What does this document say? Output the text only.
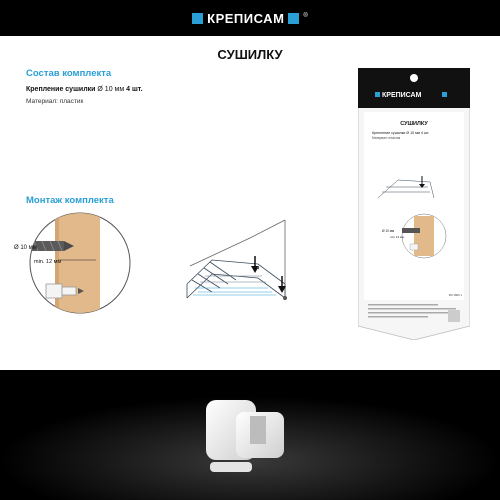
КРЕПИСАМ	®
СУШИЛКУ
Состав комплекта
Крепление сушилки Ø 10 мм 4 шт.
Материал: пластик
Монтаж комплекта
Ø 10 мм
min. 12 мм
КРЕПИСАМ
СУШИЛКУ
Крепление сушилки Ø 10 мм 4 шт.
Материал: пластик
Ø 10 мм
min. 12 мм
КМ 1809 1
